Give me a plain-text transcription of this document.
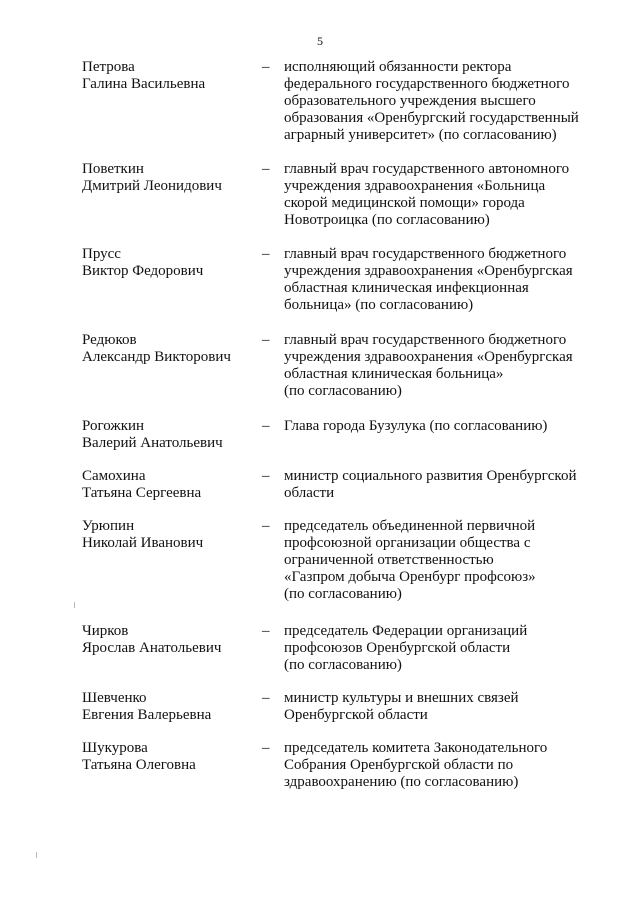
5
Петрова
Галина Васильевна
– исполняющий обязанности ректора
федерального государственного бюджетного
образовательного учреждения высшего
образования «Оренбургский государственный
аграрный университет» (по согласованию)
Поветкин
Дмитрий Леонидович
– главный врач государственного автономного
учреждения здравоохранения «Больница
скорой медицинской помощи» города
Новотроицка (по согласованию)
Прусс
Виктор Федорович
– главный врач государственного бюджетного
учреждения здравоохранения «Оренбургская
областная клиническая инфекционная
больница» (по согласованию)
Редюков
Александр Викторович
– главный врач государственного бюджетного
учреждения здравоохранения «Оренбургская
областная клиническая больница»
(по согласованию)
Рогожкин
Валерий Анатольевич
– Глава города Бузулука (по согласованию)
Самохина
Татьяна Сергеевна
– министр социального развития Оренбургской
области
Урюпин
Николай Иванович
– председатель объединенной первичной
профсоюзной организации общества с
ограниченной ответственностью
«Газпром добыча Оренбург профсоюз»
(по согласованию)
Чирков
Ярослав Анатольевич
– председатель Федерации организаций
профсоюзов Оренбургской области
(по согласованию)
Шевченко
Евгения Валерьевна
– министр культуры и внешних связей
Оренбургской области
Шукурова
Татьяна Олеговна
– председатель комитета Законодательного
Собрания Оренбургской области по
здравоохранению (по согласованию)
